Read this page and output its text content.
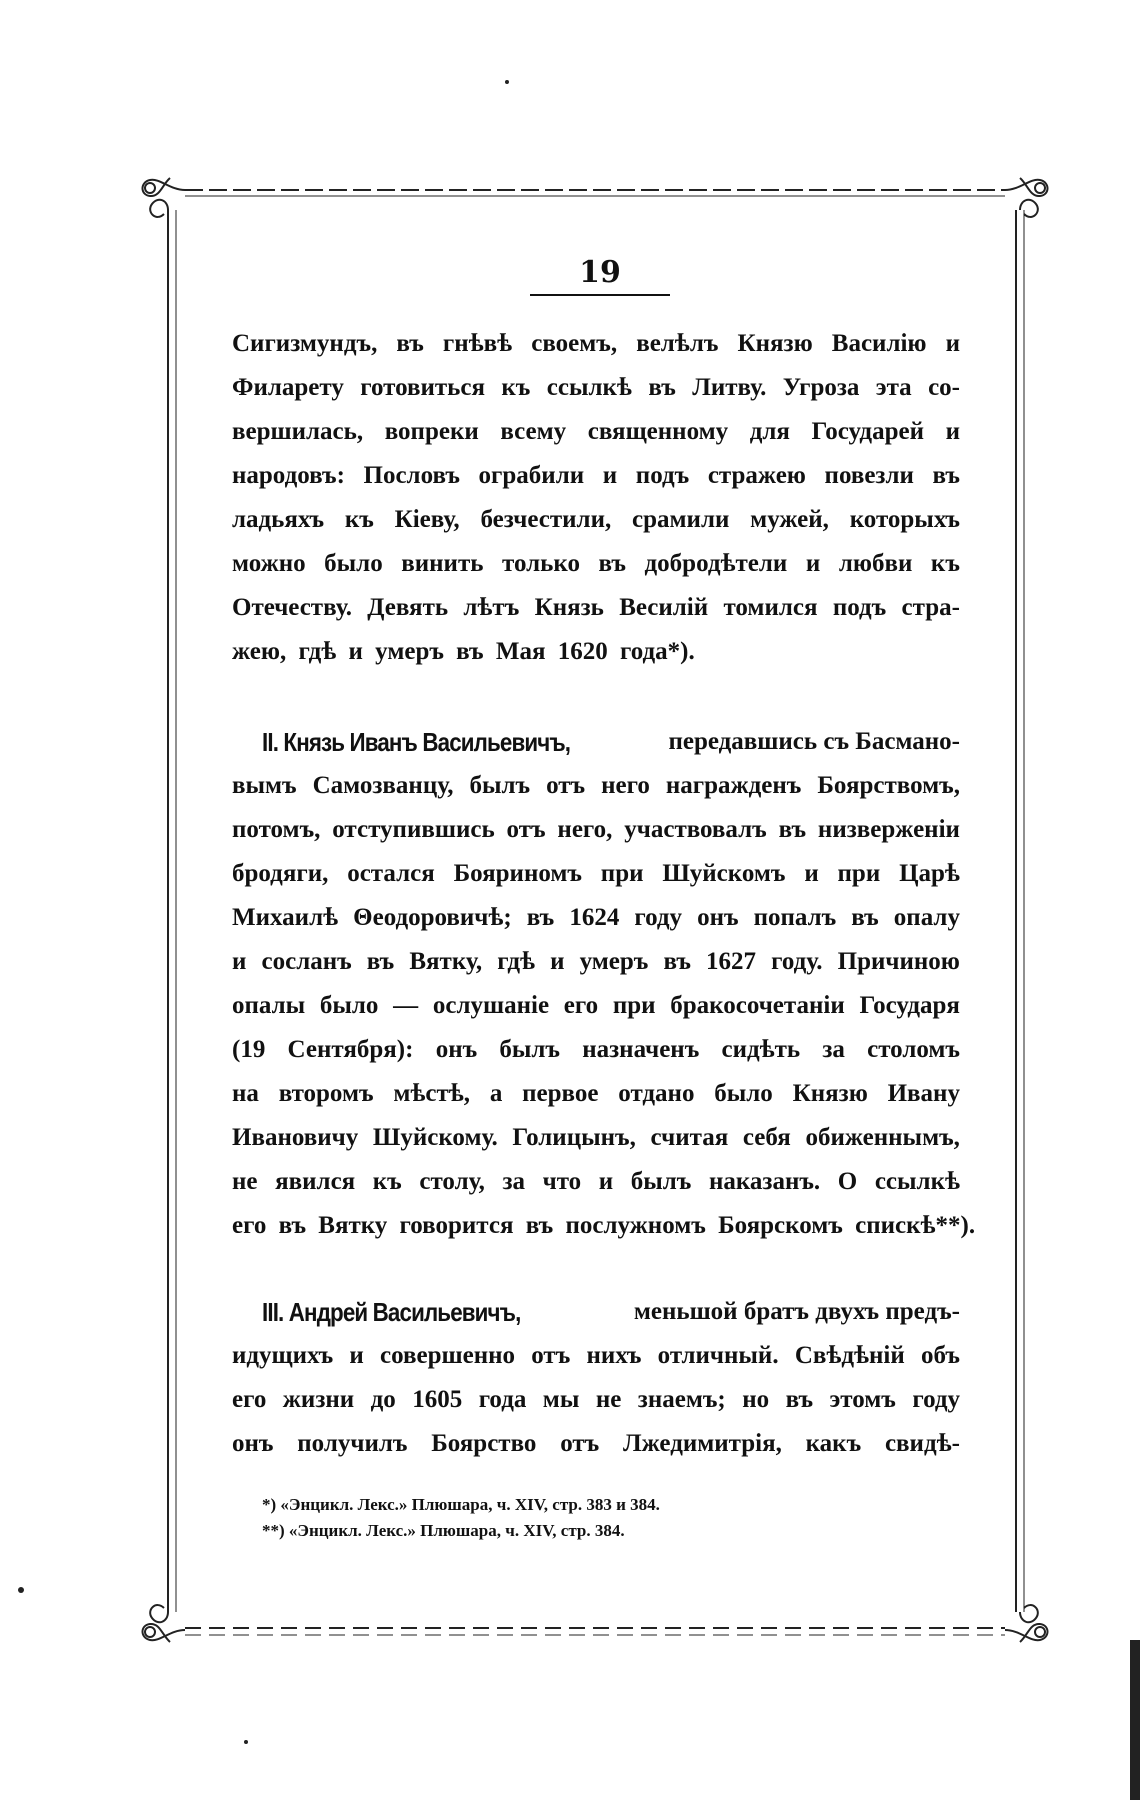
19
Сигизмундъ, въ гнѣвѣ своемъ, велѣлъ Князю Василію и
Филарету готовиться къ ссылкѣ въ Литву. Угроза эта со-
вершилась, вопреки всему священному для Государей и
народовъ: Пословъ ограбили и подъ стражею повезли въ
ладьяхъ къ Кіеву, безчестили, срамили мужей, которыхъ
можно было винить только въ добродѣтели и любви къ
Отечеству. Девять лѣтъ Князь Весилій томился подъ стра-
жею, гдѣ и умеръ въ Мая 1620 года*).
II. Князь Иванъ Васильевичъ,	передавшись съ Басмано-
вымъ Самозванцу, былъ отъ него награжденъ Боярствомъ,
потомъ, отступившись отъ него, участвовалъ въ низверженіи
бродяги, остался Бояриномъ при Шуйскомъ и при Царѣ
Михаилѣ Θеодоровичѣ; въ 1624 году онъ попалъ въ опалу
и сосланъ въ Вятку, гдѣ и умеръ въ 1627 году. Причиною
опалы было — ослушаніе его при бракосочетаніи Государя
(19 Сентября): онъ былъ назначенъ сидѣть за столомъ
на второмъ мѣстѣ, а первое отдано было Князю Ивану
Ивановичу Шуйскому. Голицынъ, считая себя обиженнымъ,
не явился къ столу, за что и былъ наказанъ. О ссылкѣ
его въ Вятку говорится въ послужномъ Боярскомъ спискѣ**).
III. Андрей Васильевичъ,	меньшой братъ двухъ предъ-
идущихъ и совершенно отъ нихъ отличный. Свѣдѣній объ
его жизни до 1605 года мы не знаемъ; но въ этомъ году
онъ получилъ Боярство отъ Лжедимитрія, какъ свидѣ-
*) «Энцикл. Лекс.» Плюшара, ч. XIV, стр. 383 и 384.
**) «Энцикл. Лекс.» Плюшара, ч. XIV, стр. 384.
